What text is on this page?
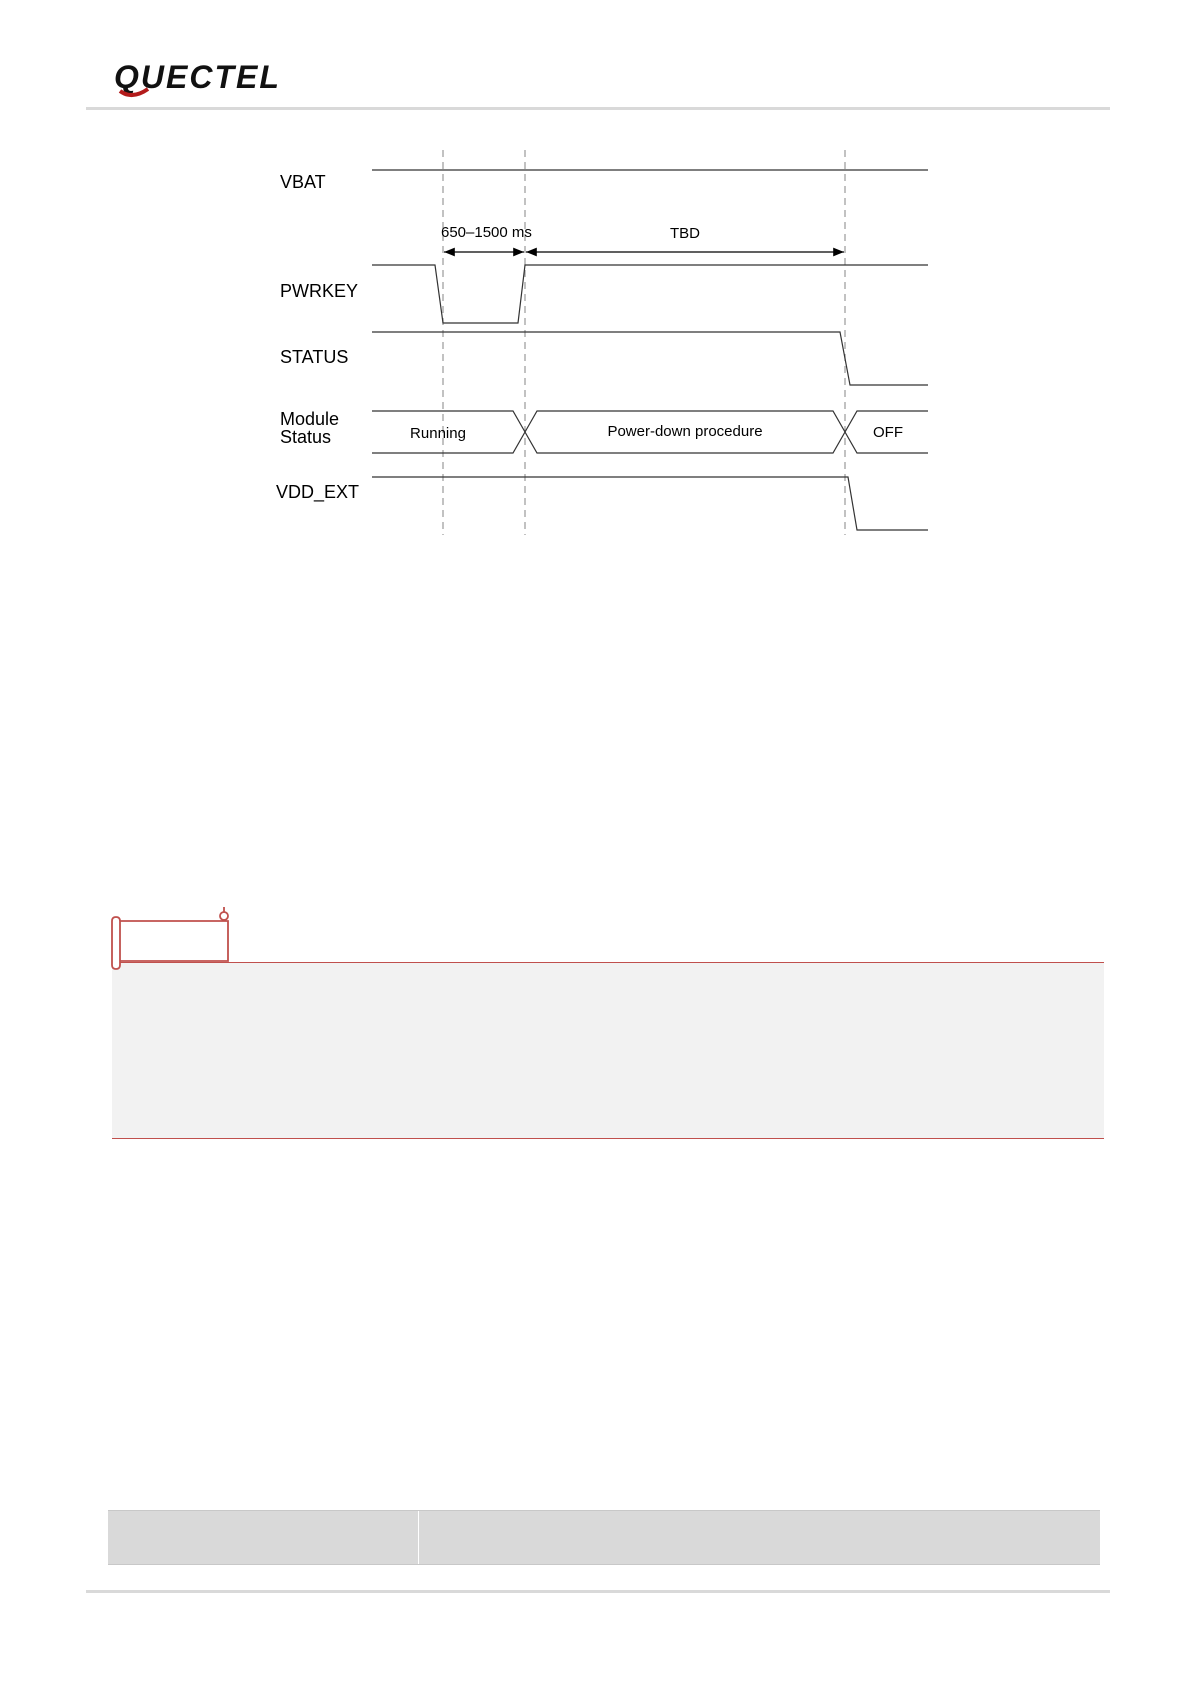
QUECTEL
VBAT
PWRKEY
STATUS
Module
Status
VDD_EXT
650–1500 ms	TBD
Running	Power-down procedure	OFF
